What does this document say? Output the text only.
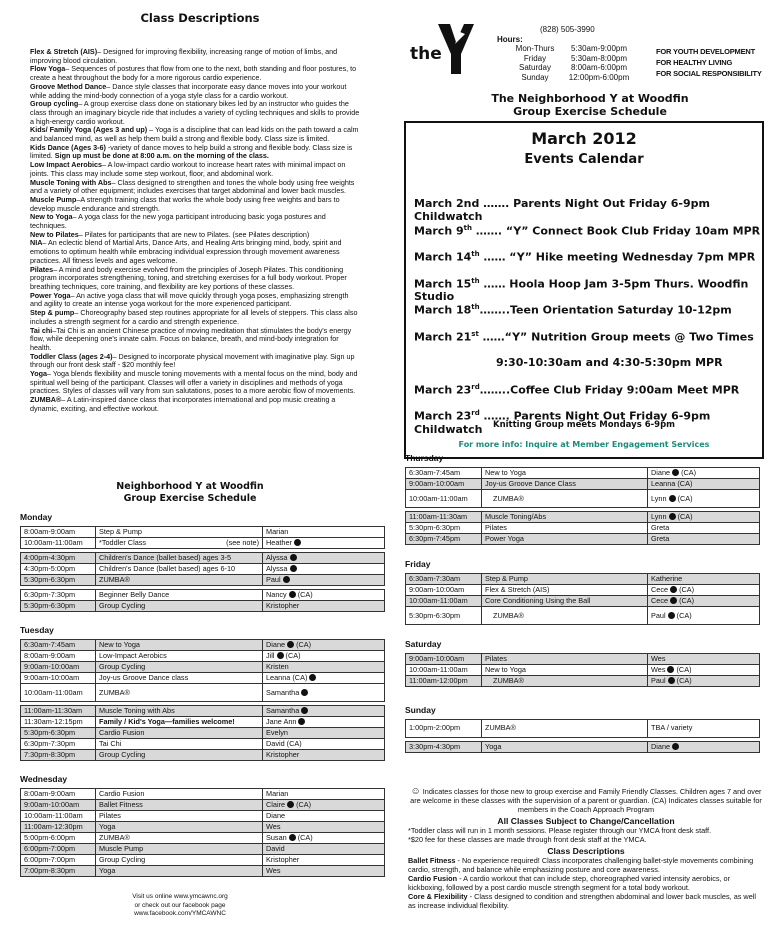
Class Descriptions
Flex & Stretch (AIS)– Designed for improving flexibility, increasing range of motion of limbs, and improving blood circulation.
Flow Yoga– Sequences of postures that flow from one to the next, both standing and floor postures, to create a heat throughout the body for a more rigorous cardio experience.
Groove Method Dance– Dance style classes that incorporate easy dance moves into your workout while adding the mind-body connection of a yoga style class for a cardio workout.
Group cycling– A group exercise class done on stationary bikes led by an instructor who guides the class through an imaginary bicycle ride that includes a variety of cycling techniques and skills to provide a high-energy cardio workout.
Kids/ Family Yoga (Ages 3 and up) – Yoga is a discipline that can lead kids on the path toward a calm and balanced mind, as well as help them build a strong and flexible body. Class size is limited.
Kids Dance (Ages 3-6) -variety of dance moves to help build a strong and flexible body. Class size is limited. Sign up must be done at 8:00 a.m. on the morning of the class.
Low Impact Aerobics– A low-impact cardio workout to increase heart rates with minimal impact on joints. This class may include some step workout, floor, and abdominal work.
Muscle Toning with Abs– Class designed to strengthen and tones the whole body using free weights and a variety of other equipment; includes exercises that target abdominal and lower back muscles.
Muscle Pump–A strength training class that works the whole body using free weights and bars to develop muscle endurance and strength.
New to Yoga– A yoga class for the new yoga participant introducing basic yoga postures and techniques.
New to Pilates– Pilates for participants that are new to Pilates. (see Pilates description)
NIA– An eclectic blend of Martial Arts, Dance Arts, and Healing Arts bringing mind, body, spirit and emotions to optimum health while embracing individual expression through movement awareness practices. All fitness levels and ages welcome.
Pilates– A mind and body exercise evolved from the principles of Joseph Pilates. This conditioning program incorporates strengthening, toning, and stretching exercises for a full body workout. Proper breathing techniques, core training, and flexibility are key portions of these classes.
Power Yoga– An active yoga class that will move quickly through yoga poses, emphasizing strength and agility to create an intense yoga workout for the more experienced participant.
Step & pump– Choreography based step routines appropriate for all levels of steppers. This class also includes a strength segment for a cardio and strength experience.
Tai chi–Tai Chi is an ancient Chinese practice of moving meditation that stimulates the body's energy flow, while deepening one's innate calm. Focus on balance, breath, and mind-body integration for health.
Toddler Class (ages 2-4)– Designed to incorporate physical movement with imaginative play. Sign up through our front desk staff - $20 monthly fee!
Yoga– Yoga blends flexibility and muscle toning movements with a mental focus on the mind, body and spiritual well being of the participant. Classes will offer a variety in disciplines and methods of yoga practices. Styles of classes will vary from sun salutations, poses to a more aerobic flow of movements.
ZUMBA®– A Latin-inspired dance class that incorporates international and pop music creating a dynamic, exciting, and effective workout.
the
(828) 505-3990
Hours:
Mon-Thurs	5:30am-9:00pm
Friday	5:30am-8:00pm
Saturday	8:00am-6:00pm
Sunday	12:00pm-6:00pm
FOR YOUTH DEVELOPMENT
FOR HEALTHY LIVING
FOR SOCIAL RESPONSIBILITY
The Neighborhood Y at Woodfin
Group Exercise Schedule
March 2012
Events Calendar
March 2nd ……. Parents Night Out Friday 6-9pm Childwatch
March 9th ……. “Y” Connect Book Club Friday 10am MPR
March 14th …… “Y” Hike meeting Wednesday 7pm MPR
March 15th …… Hoola Hoop Jam 3-5pm Thurs. Woodfin Studio
March 18th……..Teen Orientation Saturday 10-12pm
March 21st ……“Y” Nutrition Group meets @ Two Times
9:30-10:30am and 4:30-5:30pm MPR
March 23rd……..Coffee Club Friday 9:00am Meet MPR
March 23rd ……. Parents Night Out Friday 6-9pm Childwatch	Knitting Group meets Mondays 6-9pm
For more info: Inquire at Member Engagement Services
Neighborhood Y at Woodfin
Group Exercise Schedule
Monday
8:00am-9:00am	Step & Pump	Marian
10:00am-11:00am	*Toddler Class (see note)	Heather

4:00pm-4:30pm	Children's Dance (ballet based) ages 3-5	Alyssa
4:30pm-5:00pm	Children's Dance (ballet based) ages 6-10	Alyssa
5:30pm-6:30pm	ZUMBA®	Paul

6:30pm-7:30pm	Beginner Belly Dance	Nancy (CA)
5:30pm-6:30pm	Group Cycling	Kristopher
Tuesday
6:30am-7:45am	New to Yoga	Diane (CA)
8:00am-9:00am	Low-Impact Aerobics	Jill (CA)
9:00am-10:00am	Group Cycling	Kristen
9:00am-10:00am	Joy-us Groove Dance class	Leanna (CA)
10:00am-11:00am	ZUMBA®	Samantha

11:00am-11:30am	Muscle Toning with Abs	Samantha
11:30am-12:15pm	Family / Kid's Yoga—families welcome!	Jane Ann
5:30pm-6:30pm	Cardio Fusion	Evelyn
6:30pm-7:30pm	Tai Chi	David (CA)
7:30pm-8:30pm	Group Cycling	Kristopher
Wednesday
8:00am-9:00am	Cardio Fusion	Marian
9:00am-10:00am	Ballet Fitness	Claire (CA)
10:00am-11:00am	Pilates	Diane
11:00am-12:30pm	Yoga	Wes
5:00pm-6:00pm	ZUMBA®	Susan (CA)
6:00pm-7:00pm	Muscle Pump	David
6:00pm-7:00pm	Group Cycling	Kristopher
7:00pm-8:30pm	Yoga	Wes
Visit us online www.ymcawnc.org
or check out our facebook page
www.facebook.com/YMCAWNC
Thursday
6:30am-7:45am	New to Yoga	Diane (CA)
9:00am-10:00am	Joy-us Groove Dance Class	Leanna (CA)
10:00am-11:00am	ZUMBA®	Lynn (CA)

11:00am-11:30am	Muscle Toning/Abs	Lynn (CA)
5:30pm-6:30pm	Pilates	Greta
6:30pm-7:45pm	Power Yoga	Greta
Friday
6:30am-7:30am	Step & Pump	Katherine
9:00am-10:00am	Flex & Stretch (AIS)	Cece (CA)
10:00am-11:00am	Core Conditioning Using the Ball	Cece (CA)
5:30pm-6:30pm	ZUMBA®	Paul (CA)
Saturday
9:00am-10:00am	Pilates	Wes
10:00am-11:00am	New to Yoga	Wes (CA)
11:00am-12:00pm	ZUMBA®	Paul (CA)

Sunday
1:00pm-2:00pm	ZUMBA®	TBA / variety

3:30pm-4:30pm	Yoga	Diane
☺ Indicates classes for those new to group exercise and Family Friendly Classes. Children ages 7 and over are welcome in these classes with the supervision of a parent or guardian. (CA) Indicates classes suitable for members in the Coach Approach Program
All Classes Subject to Change/Cancellation
*Toddler class will run in 1 month sessions. Please register through our YMCA front desk staff.
*$20 fee for these classes are made through front desk staff at the YMCA.
Class Descriptions
Ballet Fitness - No experience required! Class incorporates challenging ballet-style movements combining cardio, strength, and balance while emphasizing posture and core awareness.
Cardio Fusion - A cardio workout that can include step, choreographed varied intensity aerobics, or kickboxing, followed by a post cardio muscle strength segment for a total body workout.
Core & Flexibility - Class designed to condition and strengthen abdominal and lower back muscles, as well as increase individual flexibility.
